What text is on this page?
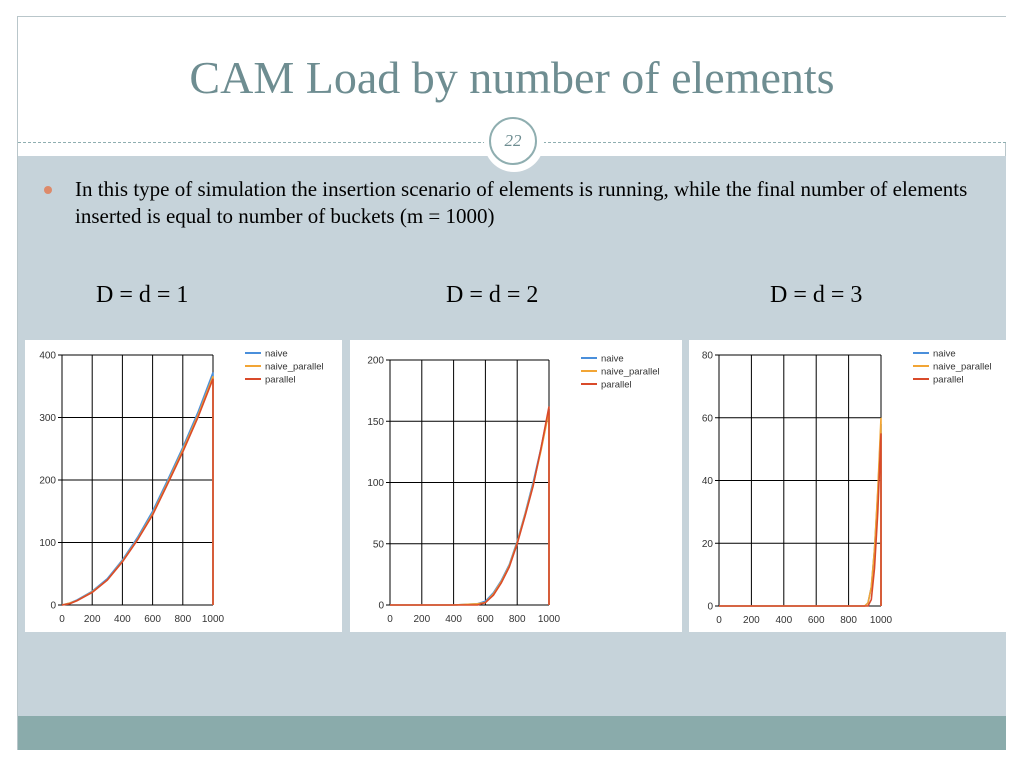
CAM Load by number of elements
22

In this type of simulation the insertion scenario of elements is running, while the final number of elements inserted is equal to number of buckets (m = 1000)

D = d = 1	D = d = 2	D = d = 3
0 200 400 600 800 1000
0
100
200
300
400	naive
naive_parallel
parallel
0 200 400 600 800 1000
0
50
100
150
200	naive
naive_parallel
parallel
0 200 400 600 800 1000
0
20
40
60
80	naive
naive_parallel
parallel
